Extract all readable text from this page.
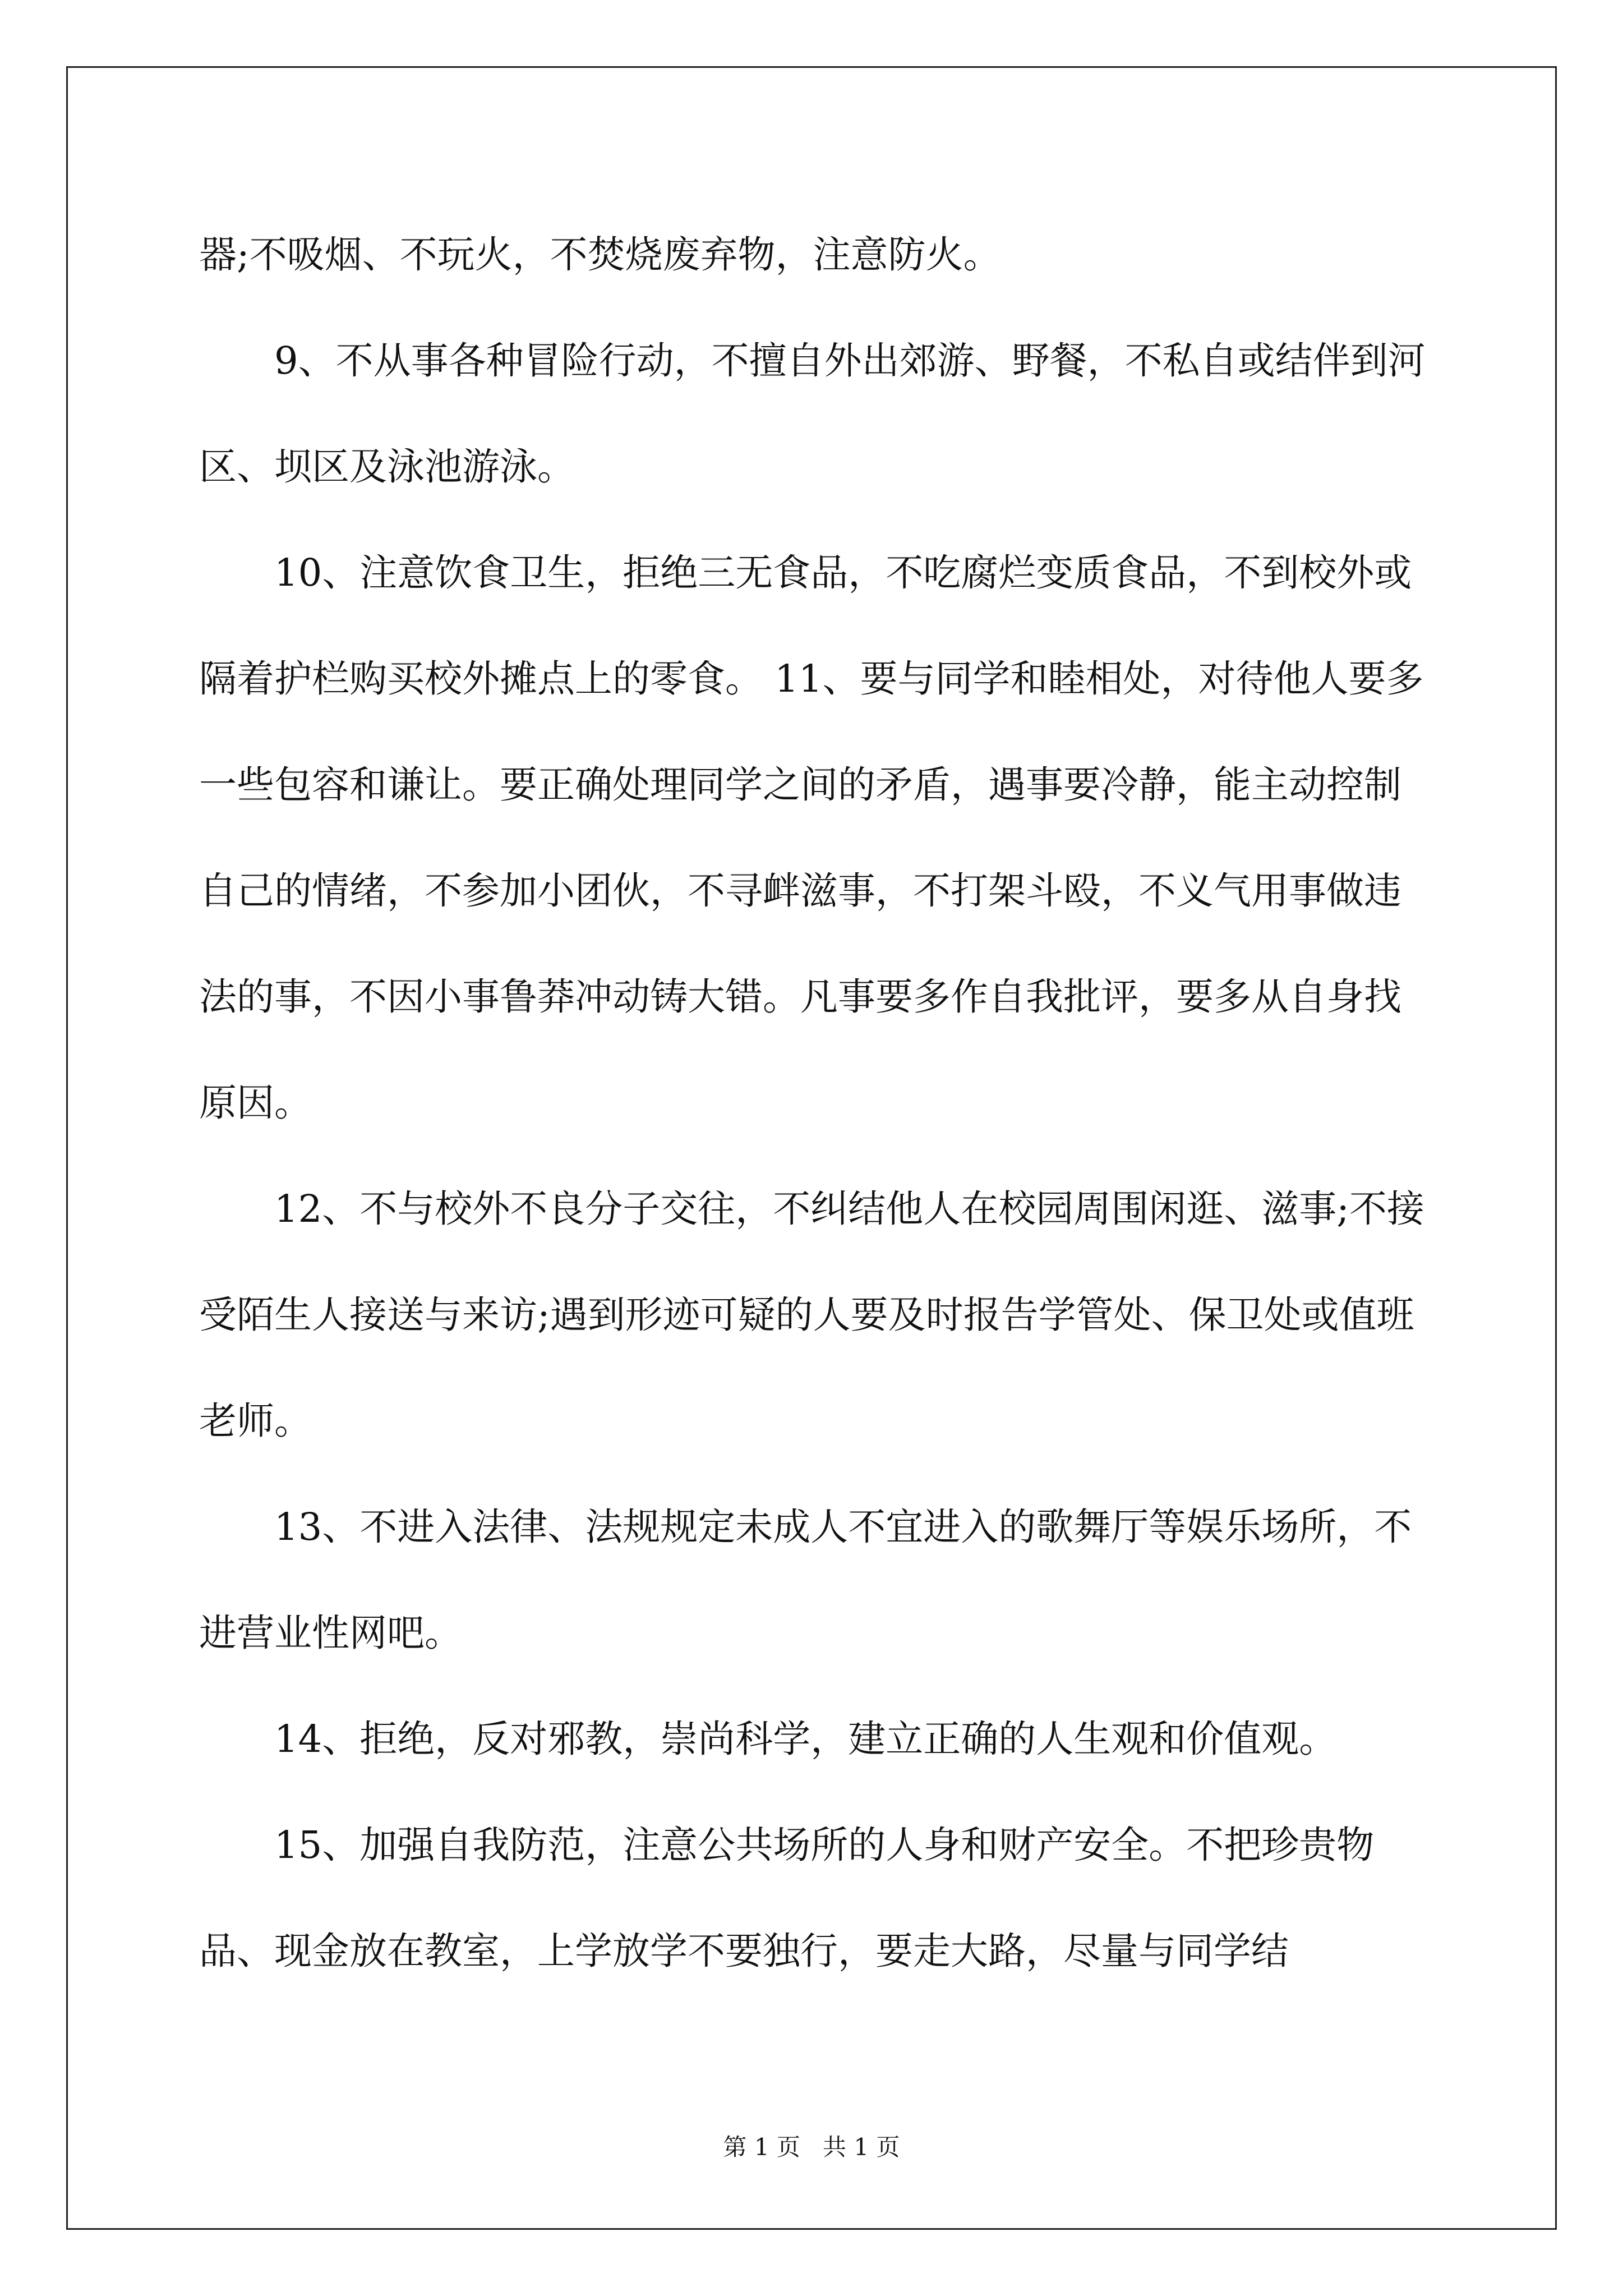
器;不吸烟、不玩火，不焚烧废弃物，注意防火。

9、不从事各种冒险行动，不擅自外出郊游、野餐，不私自或结伴到河区、坝区及泳池游泳。

10、注意饮食卫生，拒绝三无食品，不吃腐烂变质食品，不到校外或隔着护栏购买校外摊点上的零食。 11、要与同学和睦相处，对待他人要多一些包容和谦让。要正确处理同学之间的矛盾，遇事要冷静，能主动控制自己的情绪，不参加小团伙，不寻衅滋事，不打架斗殴，不义气用事做违法的事，不因小事鲁莽冲动铸大错。凡事要多作自我批评，要多从自身找原因。

12、不与校外不良分子交往，不纠结他人在校园周围闲逛、滋事;不接受陌生人接送与来访;遇到形迹可疑的人要及时报告学管处、保卫处或值班老师。

13、不进入法律、法规规定未成人不宜进入的歌舞厅等娱乐场所，不进营业性网吧。

14、拒绝，反对邪教，崇尚科学，建立正确的人生观和价值观。

15、加强自我防范，注意公共场所的人身和财产安全。不把珍贵物品、现金放在教室，上学放学不要独行，要走大路，尽量与同学结

第 1 页   共 1 页
